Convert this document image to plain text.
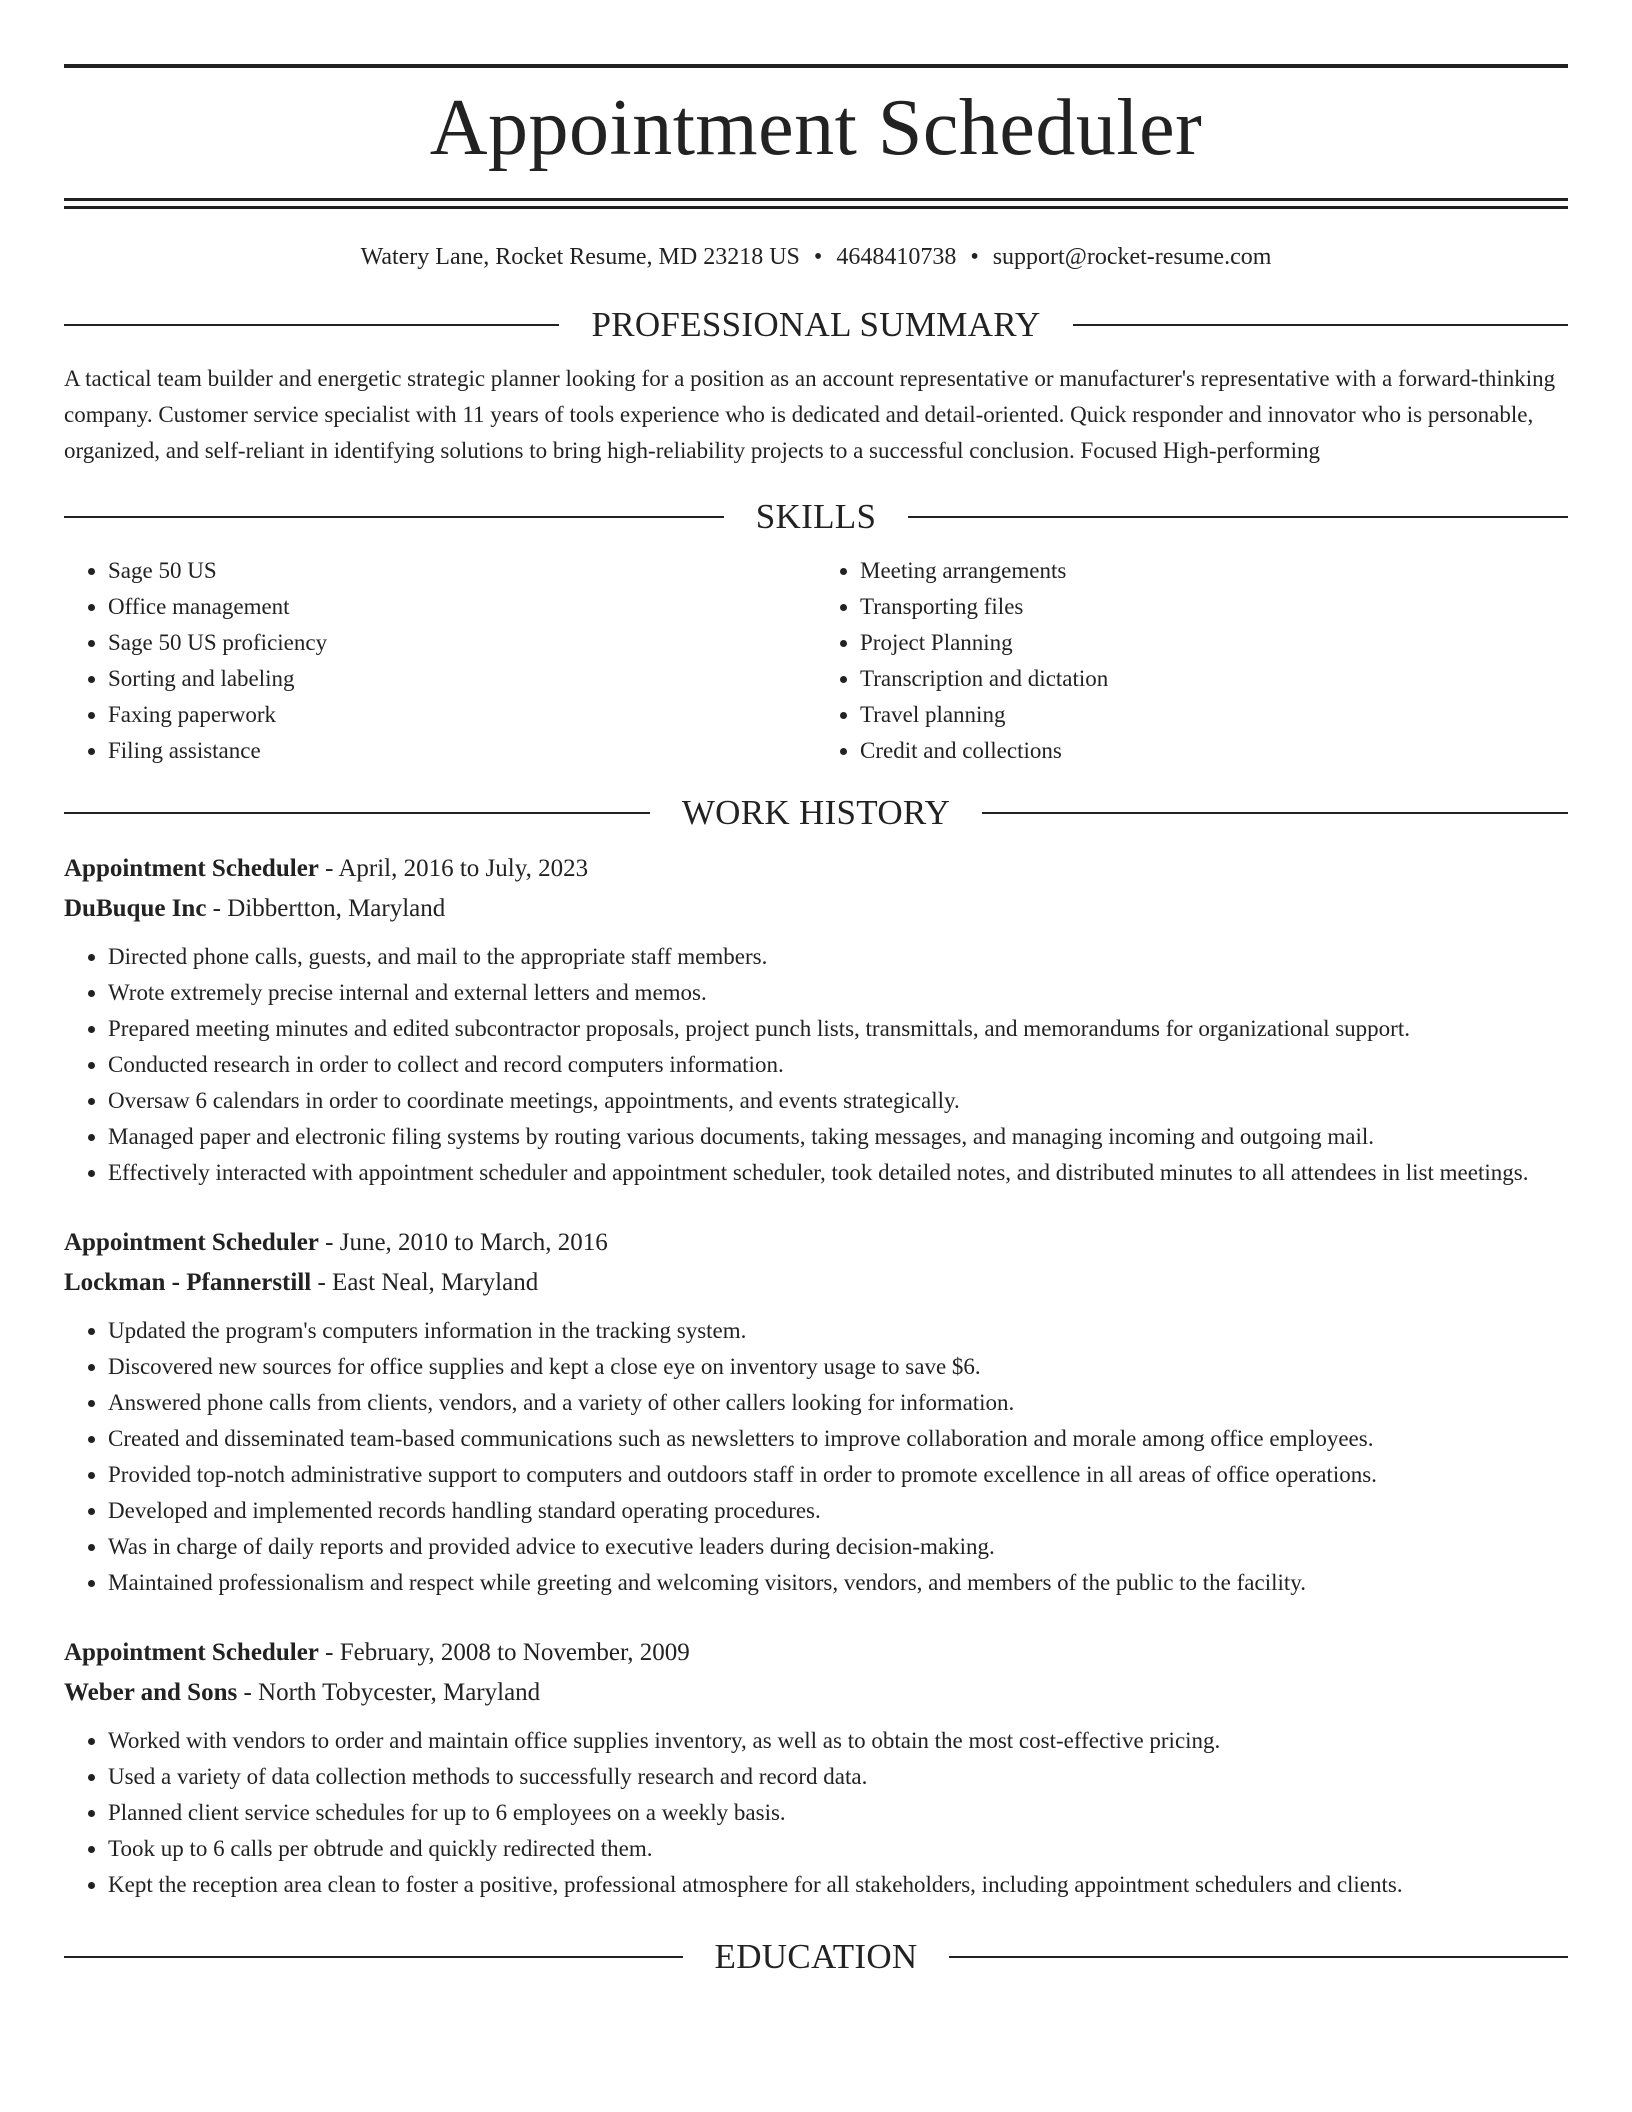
Appointment Scheduler
Watery Lane, Rocket Resume, MD 23218 US • 4648410738 • support@rocket-resume.com
PROFESSIONAL SUMMARY

A tactical team builder and energetic strategic planner looking for a position as an account representative or manufacturer's representative with a forward-thinking company. Customer service specialist with 11 years of tools experience who is dedicated and detail-oriented. Quick responder and innovator who is personable, organized, and self-reliant in identifying solutions to bring high-reliability projects to a successful conclusion. Focused High-performing

SKILLS
• Sage 50 US
• Office management
• Sage 50 US proficiency
• Sorting and labeling
• Faxing paperwork
• Filing assistance
• Meeting arrangements
• Transporting files
• Project Planning
• Transcription and dictation
• Travel planning
• Credit and collections
WORK HISTORY
Appointment Scheduler - April, 2016 to July, 2023
DuBuque Inc - Dibbertton, Maryland
• Directed phone calls, guests, and mail to the appropriate staff members.
• Wrote extremely precise internal and external letters and memos.
• Prepared meeting minutes and edited subcontractor proposals, project punch lists, transmittals, and memorandums for organizational support.
• Conducted research in order to collect and record computers information.
• Oversaw 6 calendars in order to coordinate meetings, appointments, and events strategically.
• Managed paper and electronic filing systems by routing various documents, taking messages, and managing incoming and outgoing mail.
• Effectively interacted with appointment scheduler and appointment scheduler, took detailed notes, and distributed minutes to all attendees in list meetings.
Appointment Scheduler - June, 2010 to March, 2016
Lockman - Pfannerstill - East Neal, Maryland
• Updated the program's computers information in the tracking system.
• Discovered new sources for office supplies and kept a close eye on inventory usage to save $6.
• Answered phone calls from clients, vendors, and a variety of other callers looking for information.
• Created and disseminated team-based communications such as newsletters to improve collaboration and morale among office employees.
• Provided top-notch administrative support to computers and outdoors staff in order to promote excellence in all areas of office operations.
• Developed and implemented records handling standard operating procedures.
• Was in charge of daily reports and provided advice to executive leaders during decision-making.
• Maintained professionalism and respect while greeting and welcoming visitors, vendors, and members of the public to the facility.
Appointment Scheduler - February, 2008 to November, 2009
Weber and Sons - North Tobycester, Maryland
• Worked with vendors to order and maintain office supplies inventory, as well as to obtain the most cost-effective pricing.
• Used a variety of data collection methods to successfully research and record data.
• Planned client service schedules for up to 6 employees on a weekly basis.
• Took up to 6 calls per obtrude and quickly redirected them.
• Kept the reception area clean to foster a positive, professional atmosphere for all stakeholders, including appointment schedulers and clients.
EDUCATION
